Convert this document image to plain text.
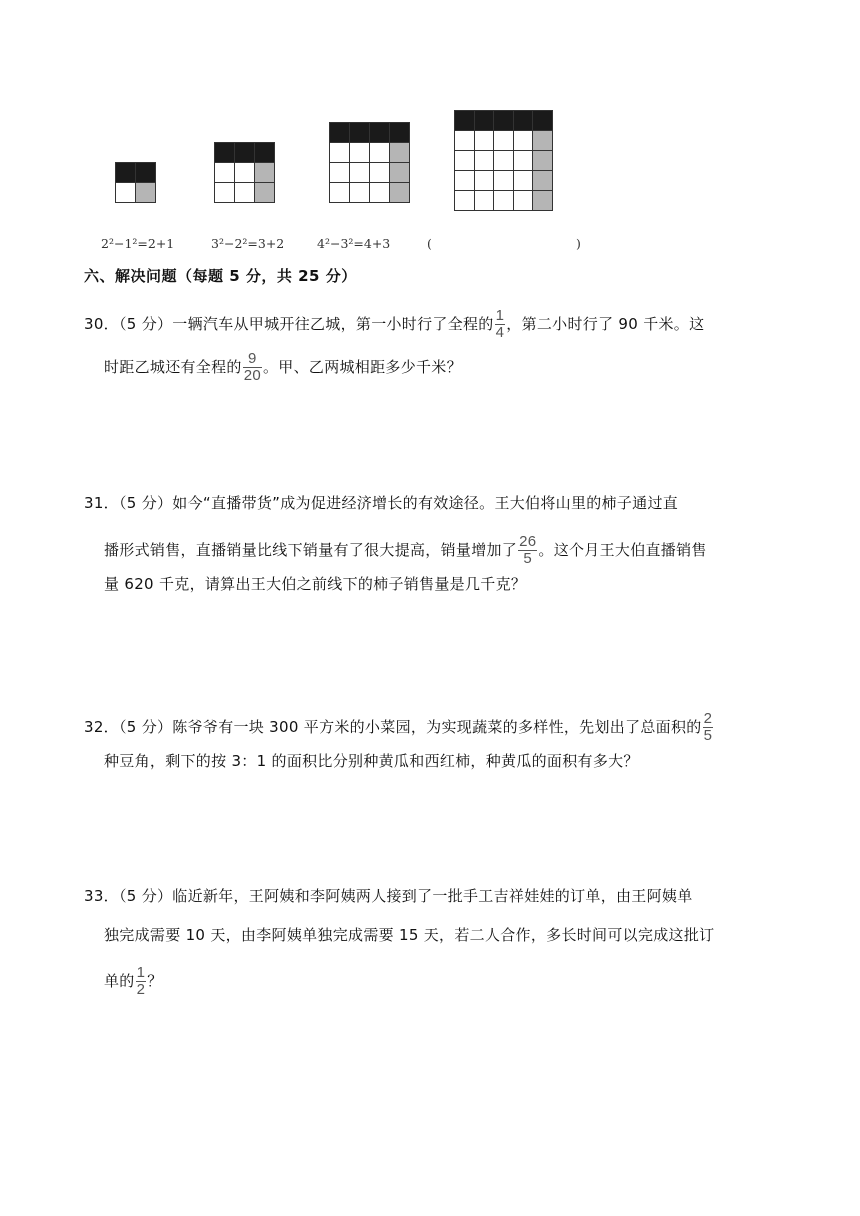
2²−1²=2+1	3²−2²=3+2	4²−3²=4+3	(	)
六、解决问题（每题 5 分，共 25 分）
30．（5 分）一辆汽车从甲城开往乙城，第一小时行了全程的 $\frac{1}{4}$ ，第二小时行了 90 千米。这
时距乙城还有全程的 $\frac{9}{20}$ 。甲、乙两城相距多少千米？
31．（5 分）如今“直播带货”成为促进经济增长的有效途径。王大伯将山里的柿子通过直
播形式销售，直播销量比线下销量有了很大提高，销量增加了 $\frac{26}{5}$ 。这个月王大伯直播销售
量 620 千克，请算出王大伯之前线下的柿子销售量是几千克？
32．（5 分）陈爷爷有一块 300 平方米的小菜园，为实现蔬菜的多样性，先划出了总面积的 $\frac{2}{5}$
种豆角，剩下的按 3：1 的面积比分别种黄瓜和西红柿，种黄瓜的面积有多大？
33．（5 分）临近新年，王阿姨和李阿姨两人接到了一批手工吉祥娃娃的订单，由王阿姨单
独完成需要 10 天，由李阿姨单独完成需要 15 天，若二人合作，多长时间可以完成这批订
单的 $\frac{1}{2}$ ？
